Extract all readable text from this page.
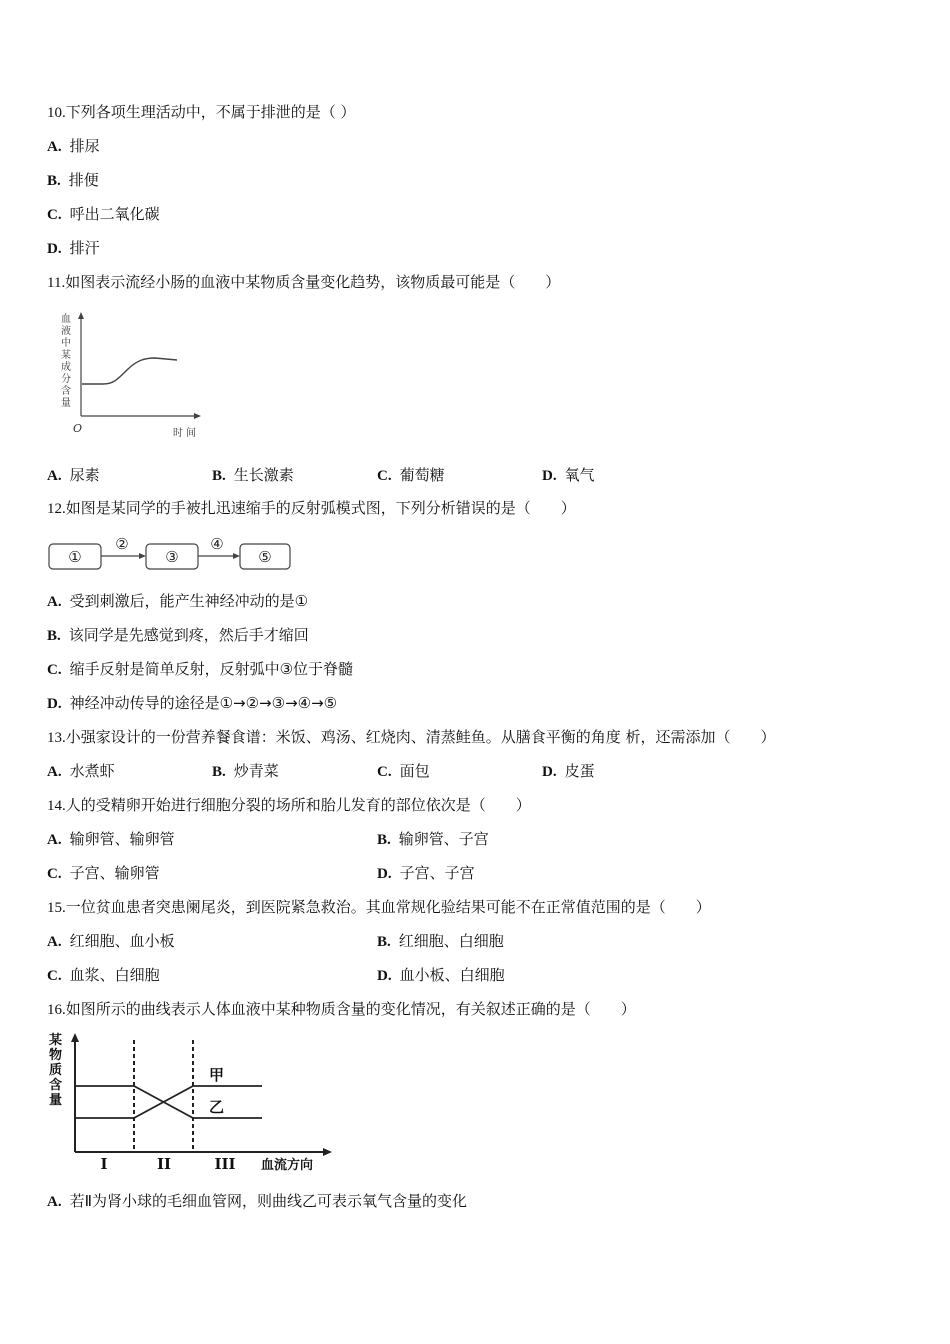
10.下列各项生理活动中，不属于排泄的是（ ）
A. 排尿
B. 排便
C. 呼出二氧化碳
D. 排汗
11.如图表示流经小肠的血液中某物质含量变化趋势，该物质最可能是（　　）
血
液
中
某
成
分
含
量
O	时 间
A. 尿素	B. 生长激素	C. 葡萄糖	D. 氧气
12.如图是某同学的手被扎迅速缩手的反射弧模式图，下列分析错误的是（　　）
①
②
③
④
⑤
A. 受到刺激后，能产生神经冲动的是①
B. 该同学是先感觉到疼，然后手才缩回
C. 缩手反射是简单反射，反射弧中③位于脊髓
D. 神经冲动传导的途径是①→②→③→④→⑤
13.小强家设计的一份营养餐食谱：米饭、鸡汤、红烧肉、清蒸鲑鱼。从膳食平衡的角度 析，还需添加（　　）
A. 水煮虾	B. 炒青菜	C. 面包	D. 皮蛋
14.人的受精卵开始进行细胞分裂的场所和胎儿发育的部位依次是（　　）
A. 输卵管、输卵管	B. 输卵管、子宫
C. 子宫、输卵管	D. 子宫、子宫
15.一位贫血患者突患阑尾炎，到医院紧急救治。其血常规化验结果可能不在正常值范围的是（　　）
A. 红细胞、血小板	B. 红细胞、白细胞
C. 血浆、白细胞	D. 血小板、白细胞
16.如图所示的曲线表示人体血液中某种物质含量的变化情况，有关叙述正确的是（　　）
某
物
质
含
量
甲
乙
I	II	III 血流方向
A. 若Ⅱ为肾小球的毛细血管网，则曲线乙可表示氧气含量的变化
